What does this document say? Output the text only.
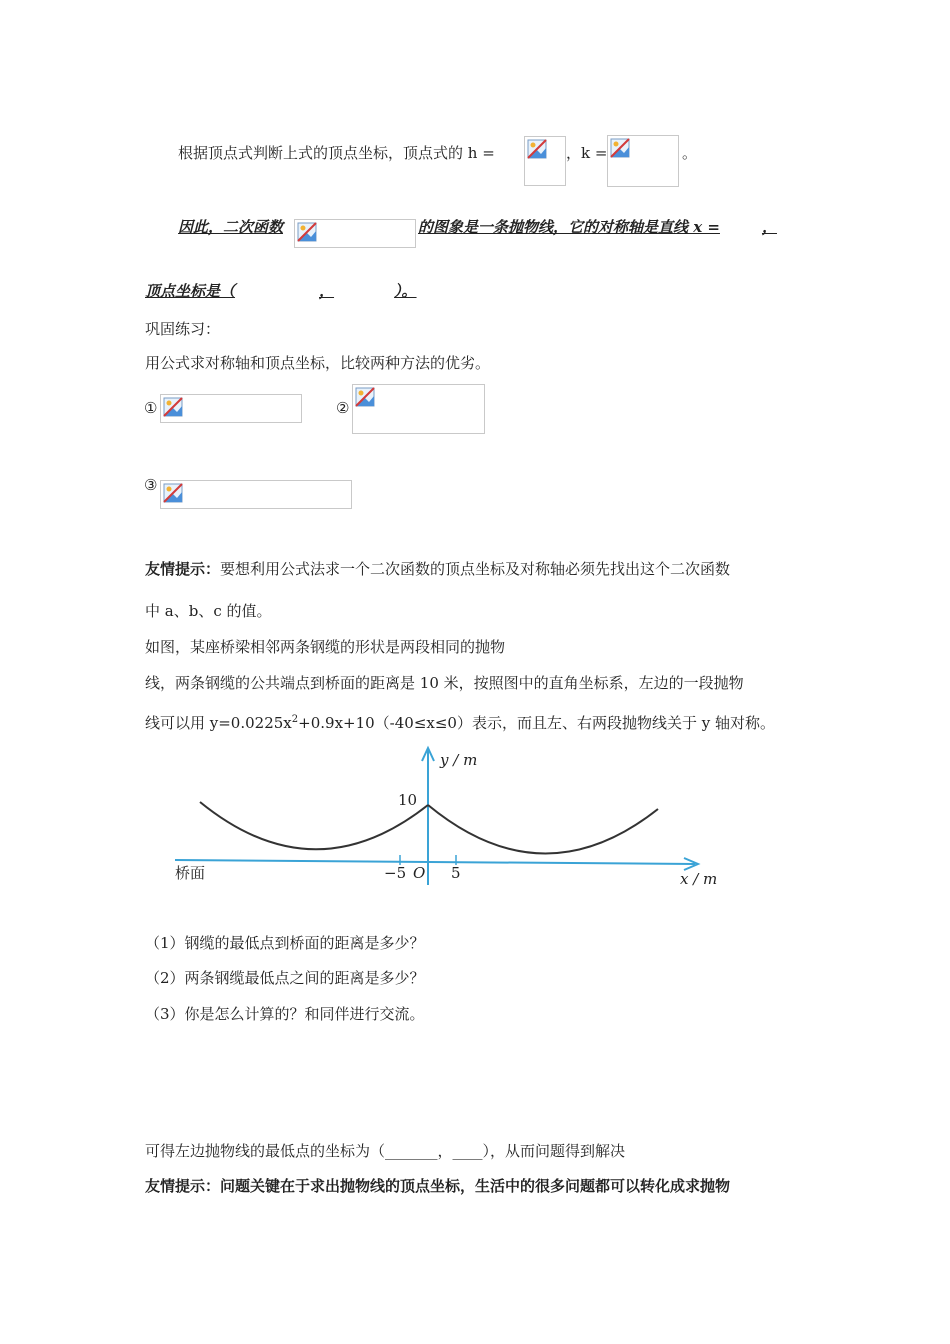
根据顶点式判断上式的顶点坐标，顶点式的 h =	，k =	。
因此，二次函数	的图象是一条抛物线，它的对称轴是直线 x =	，
顶点坐标是（	，	）。
巩固练习：
用公式求对称轴和顶点坐标，比较两种方法的优劣。
①	②
③
友情提示：要想利用公式法求一个二次函数的顶点坐标及对称轴必须先找出这个二次函数
中 a、b、c 的值。
如图，某座桥梁相邻两条钢缆的形状是两段相同的抛物
线，两条钢缆的公共端点到桥面的距离是 10 米，按照图中的直角坐标系，左边的一段抛物
线可以用 $y=0.0225x^2+0.9x+10(-40\le x\le 0)$表示，而且左、右两段抛物线关于 y 轴对称。
y / m
10
桥面	−5 O 5	x / m
（1）钢缆的最低点到桥面的距离是多少？
（2）两条钢缆最低点之间的距离是多少？
（3）你是怎么计算的？和同伴进行交流。
可得左边抛物线的最低点的坐标为（_______，____），从而问题得到解决
友情提示：问题关键在于求出抛物线的顶点坐标，生活中的很多问题都可以转化成求抛物
